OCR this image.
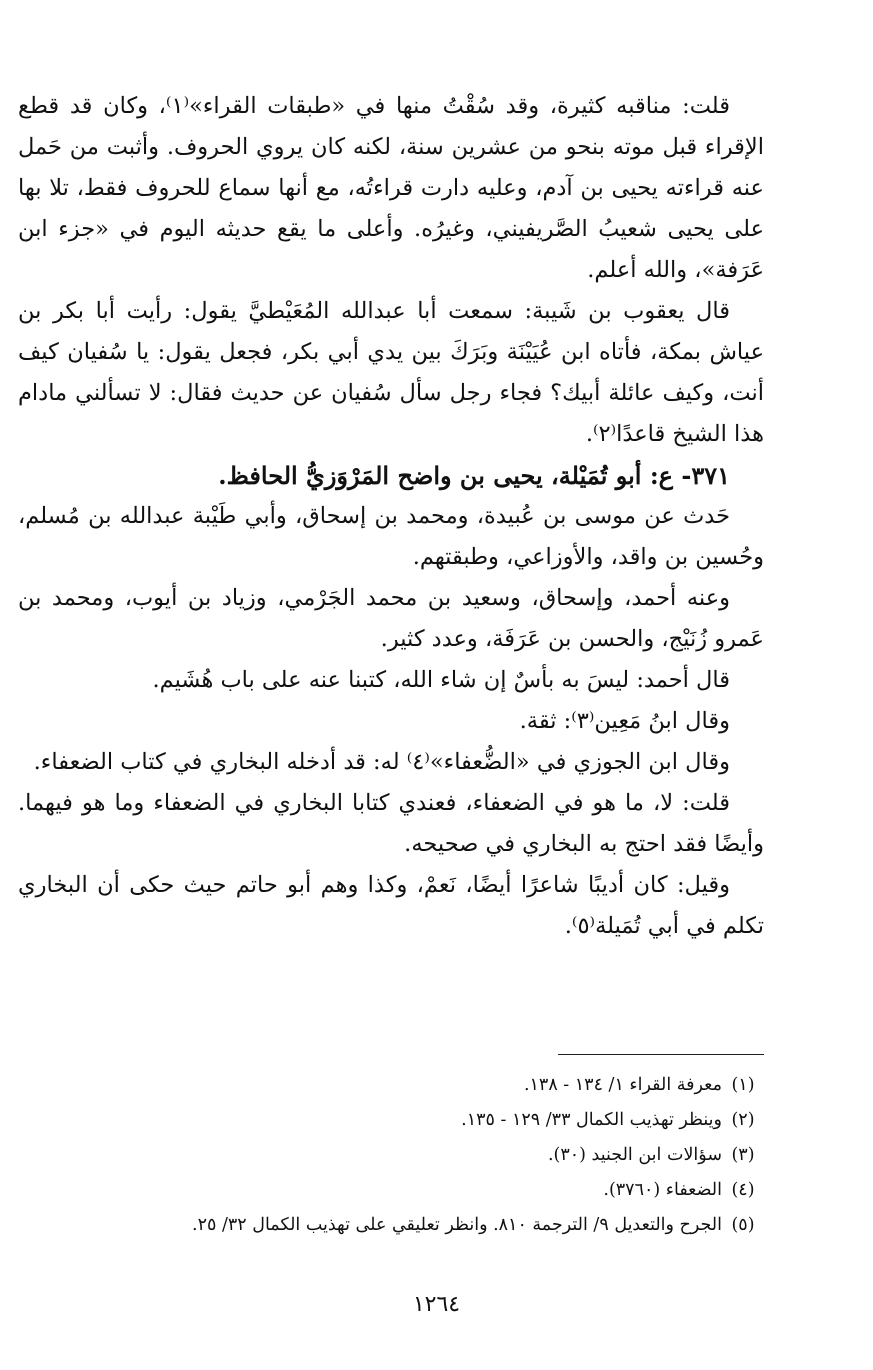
قلت: مناقبه كثيرة، وقد سُقْتُ منها في «طبقات القراء»⁽١⁾، وكان قد قطع الإقراء قبل موته بنحو من عشرين سنة، لكنه كان يروي الحروف. وأثبت من حَمل عنه قراءته يحيى بن آدم، وعليه دارت قراءتُه، مع أنها سماع للحروف فقط، تلا بها على يحيى شعيبُ الصَّريفيني، وغيرُه. وأعلى ما يقع حديثه اليوم في «جزء ابن عَرَفة»، والله أعلم.

قال يعقوب بن شَيبة: سمعت أبا عبدالله المُعَيْطيَّ يقول: رأيت أبا بكر بن عياش بمكة، فأتاه ابن عُيَيْنَة وبَرَكَ بين يدي أبي بكر، فجعل يقول: يا سُفيان كيف أنت، وكيف عائلة أبيك؟ فجاء رجل سأل سُفيان عن حديث فقال: لا تسألني مادام هذا الشيخ قاعدًا⁽٢⁾.

٣٧١- ع: أبو تُمَيْلة، يحيى بن واضح المَرْوَزيُّ الحافظ.

حَدث عن موسى بن عُبيدة، ومحمد بن إسحاق، وأبي طَيْبة عبدالله بن مُسلم، وحُسين بن واقد، والأوزاعي، وطبقتهم.

وعنه أحمد، وإسحاق، وسعيد بن محمد الجَرْمي، وزياد بن أيوب، ومحمد بن عَمرو زُنَيْج، والحسن بن عَرَفَة، وعدد كثير.

قال أحمد: ليسَ به بأسٌ إن شاء الله، كتبنا عنه على باب هُشَيم.

وقال ابنُ مَعِين⁽٣⁾: ثقة.

وقال ابن الجوزي في «الضُّعفاء»⁽٤⁾ له: قد أدخله البخاري في كتاب الضعفاء.

قلت: لا، ما هو في الضعفاء، فعندي كتابا البخاري في الضعفاء وما هو فيهما. وأيضًا فقد احتج به البخاري في صحيحه.

وقيل: كان أديبًا شاعرًا أيضًا، نَعمْ، وكذا وهم أبو حاتم حيث حكى أن البخاري تكلم في أبي تُمَيلة⁽٥⁾.

(١)
معرفة القراء ١/ ١٣٤ - ١٣٨.
(٢)
وينظر تهذيب الكمال ٣٣/ ١٢٩ - ١٣٥.
(٣)
سؤالات ابن الجنيد (٣٠).
(٤)
الضعفاء (٣٧٦٠).
(٥)
الجرح والتعديل ٩/ الترجمة ٨١٠. وانظر تعليقي على تهذيب الكمال ٣٢/ ٢٥.
١٢٦٤
